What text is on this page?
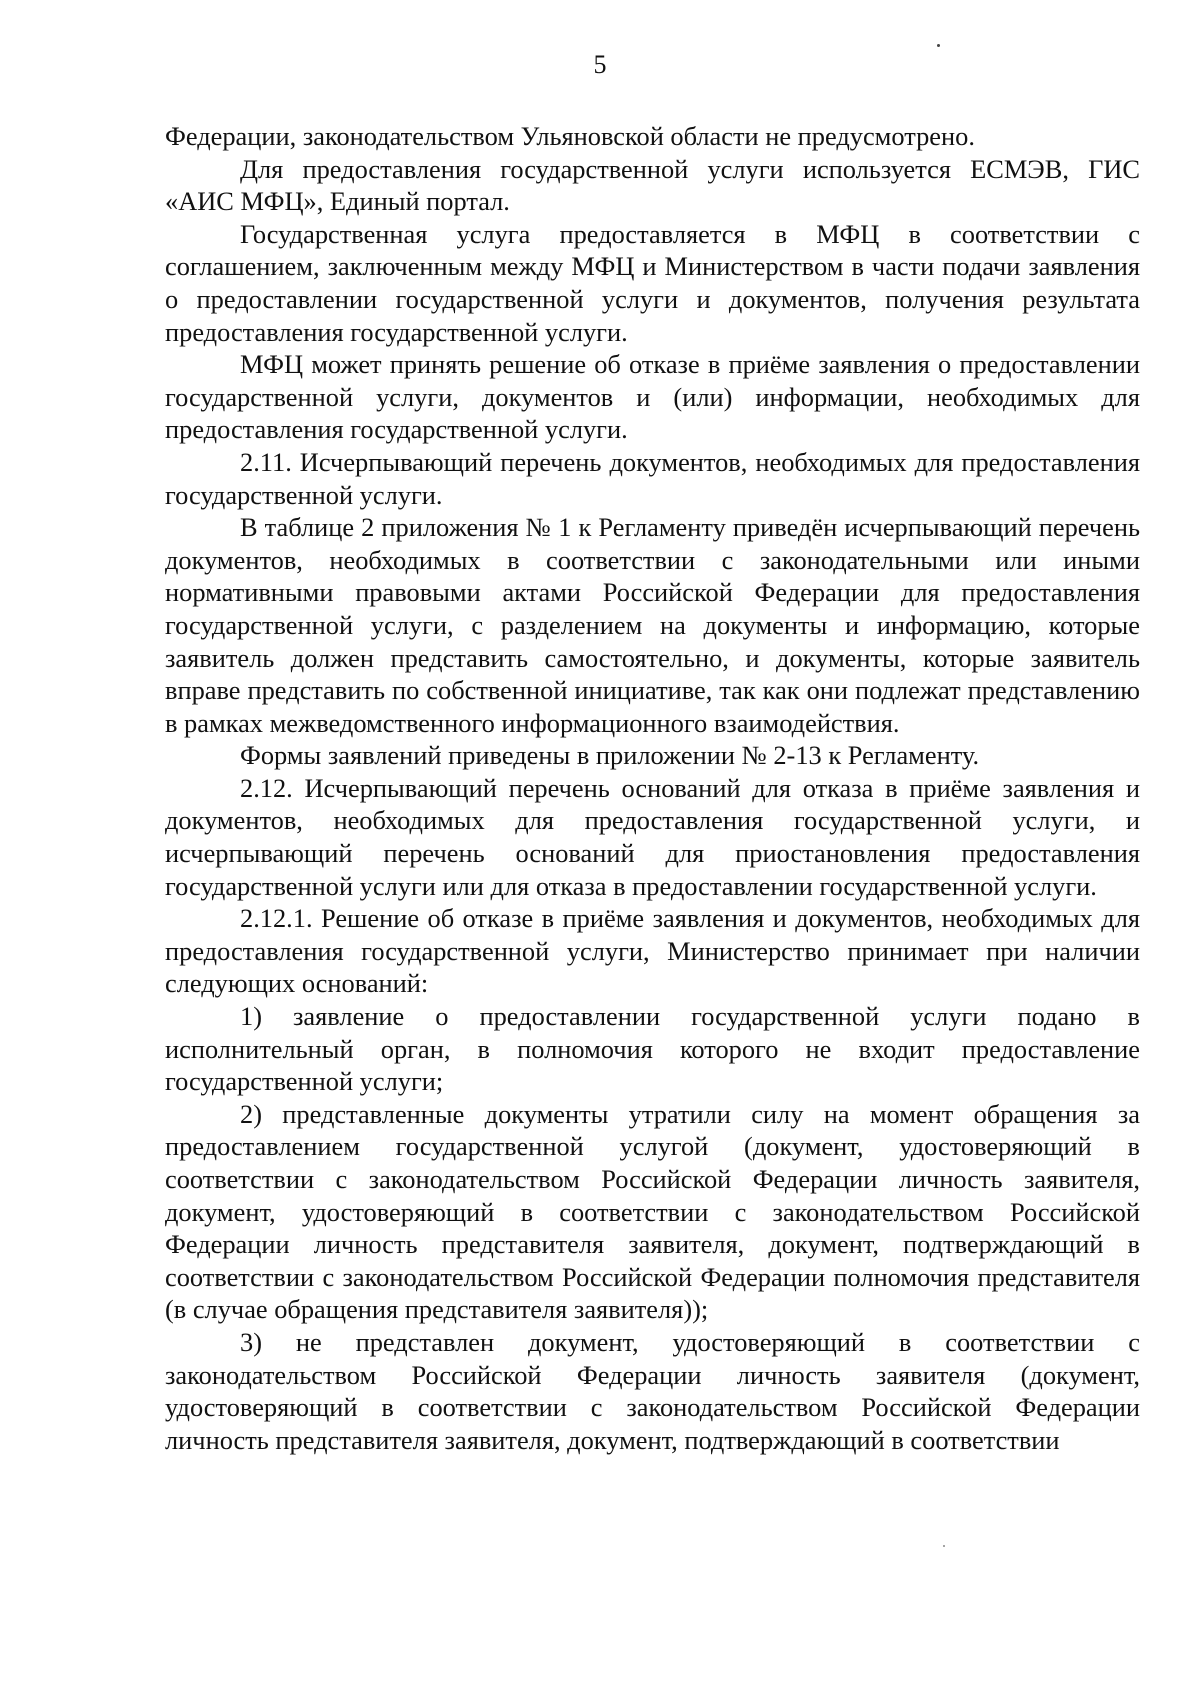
5

Федерации, законодательством Ульяновской области не предусмотрено.

Для предоставления государственной услуги используется ЕСМЭВ, ГИС «АИС МФЦ», Единый портал.

Государственная услуга предоставляется в МФЦ в соответствии с соглашением, заключенным между МФЦ и Министерством в части подачи заявления о предоставлении государственной услуги и документов, получения результата предоставления государственной услуги.

МФЦ может принять решение об отказе в приёме заявления о предоставлении государственной услуги, документов и (или) информации, необходимых для предоставления государственной услуги.

2.11. Исчерпывающий перечень документов, необходимых для предоставления государственной услуги.

В таблице 2 приложения № 1 к Регламенту приведён исчерпывающий перечень документов, необходимых в соответствии с законодательными или иными нормативными правовыми актами Российской Федерации для предоставления государственной услуги, с разделением на документы и информацию, которые заявитель должен представить самостоятельно, и документы, которые заявитель вправе представить по собственной инициативе, так как они подлежат представлению в рамках межведомственного информационного взаимодействия.

Формы заявлений приведены в приложении № 2-13 к Регламенту.

2.12. Исчерпывающий перечень оснований для отказа в приёме заявления и документов, необходимых для предоставления государственной услуги, и исчерпывающий перечень оснований для приостановления предоставления государственной услуги или для отказа в предоставлении государственной услуги.

2.12.1. Решение об отказе в приёме заявления и документов, необходимых для предоставления государственной услуги, Министерство принимает при наличии следующих оснований:

1) заявление о предоставлении государственной услуги подано в исполнительный орган, в полномочия которого не входит предоставление государственной услуги;

2) представленные документы утратили силу на момент обращения за предоставлением государственной услугой (документ, удостоверяющий в соответствии с законодательством Российской Федерации личность заявителя, документ, удостоверяющий в соответствии с законодательством Российской Федерации личность представителя заявителя, документ, подтверждающий в соответствии с законодательством Российской Федерации полномочия представителя (в случае обращения представителя заявителя));

3) не представлен документ, удостоверяющий в соответствии с законодательством Российской Федерации личность заявителя (документ, удостоверяющий в соответствии с законодательством Российской Федерации личность представителя заявителя, документ, подтверждающий в соответствии
